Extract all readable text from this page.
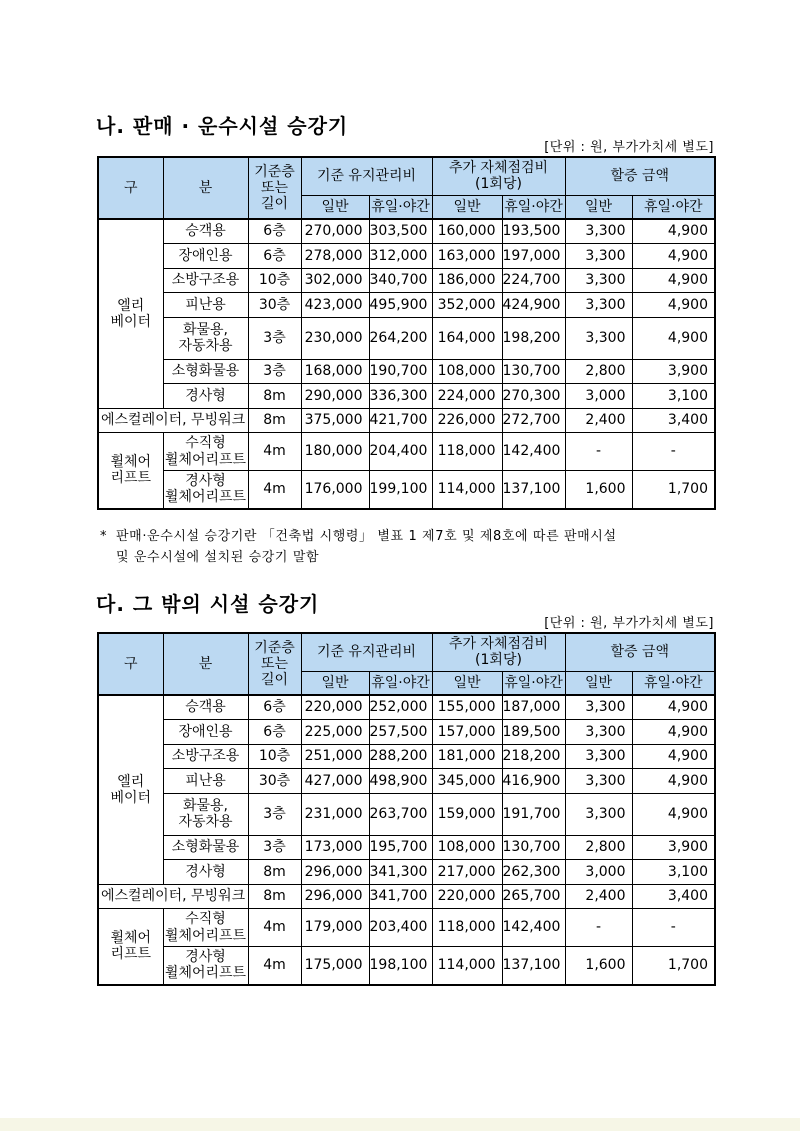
나. 판매 · 운수시설 승강기
[단위 : 원, 부가가치세 별도]
구	분	기준층
또는
길이	기준 유지관리비		추가 자체점검비
(1회당)		할증 금액	
			일반	휴일·야간	일반	휴일·야간	일반	휴일·야간
엘리
베이터	승객용	6층	270,000	303,500	160,000	193,500	3,300	4,900
	장애인용	6층	278,000	312,000	163,000	197,000	3,300	4,900
	소방구조용	10층	302,000	340,700	186,000	224,700	3,300	4,900
	피난용	30층	423,000	495,900	352,000	424,900	3,300	4,900
	화물용,
자동차용	3층	230,000	264,200	164,000	198,200	3,300	4,900
	소형화물용	3층	168,000	190,700	108,000	130,700	2,800	3,900
	경사형	8m	290,000	336,300	224,000	270,300	3,000	3,100
에스컬레이터, 무빙워크		8m	375,000	421,700	226,000	272,700	2,400	3,400
휠체어
리프트	수직형
휠체어리프트	4m	180,000	204,400	118,000	142,400	-	-
	경사형
휠체어리프트	4m	176,000	199,100	114,000	137,100	1,600	1,700

* 판매·운수시설 승강기란 「건축법 시행령」 별표 1 제7호 및 제8호에 따른 판매시설
및 운수시설에 설치된 승강기 말함

다. 그 밖의 시설 승강기
[단위 : 원, 부가가치세 별도]
구	분	기준층
또는
길이	기준 유지관리비		추가 자체점검비
(1회당)		할증 금액	
			일반	휴일·야간	일반	휴일·야간	일반	휴일·야간
엘리
베이터	승객용	6층	220,000	252,000	155,000	187,000	3,300	4,900
	장애인용	6층	225,000	257,500	157,000	189,500	3,300	4,900
	소방구조용	10층	251,000	288,200	181,000	218,200	3,300	4,900
	피난용	30층	427,000	498,900	345,000	416,900	3,300	4,900
	화물용,
자동차용	3층	231,000	263,700	159,000	191,700	3,300	4,900
	소형화물용	3층	173,000	195,700	108,000	130,700	2,800	3,900
	경사형	8m	296,000	341,300	217,000	262,300	3,000	3,100
에스컬레이터, 무빙워크		8m	296,000	341,700	220,000	265,700	2,400	3,400
휠체어
리프트	수직형
휠체어리프트	4m	179,000	203,400	118,000	142,400	-	-
	경사형
휠체어리프트	4m	175,000	198,100	114,000	137,100	1,600	1,700
